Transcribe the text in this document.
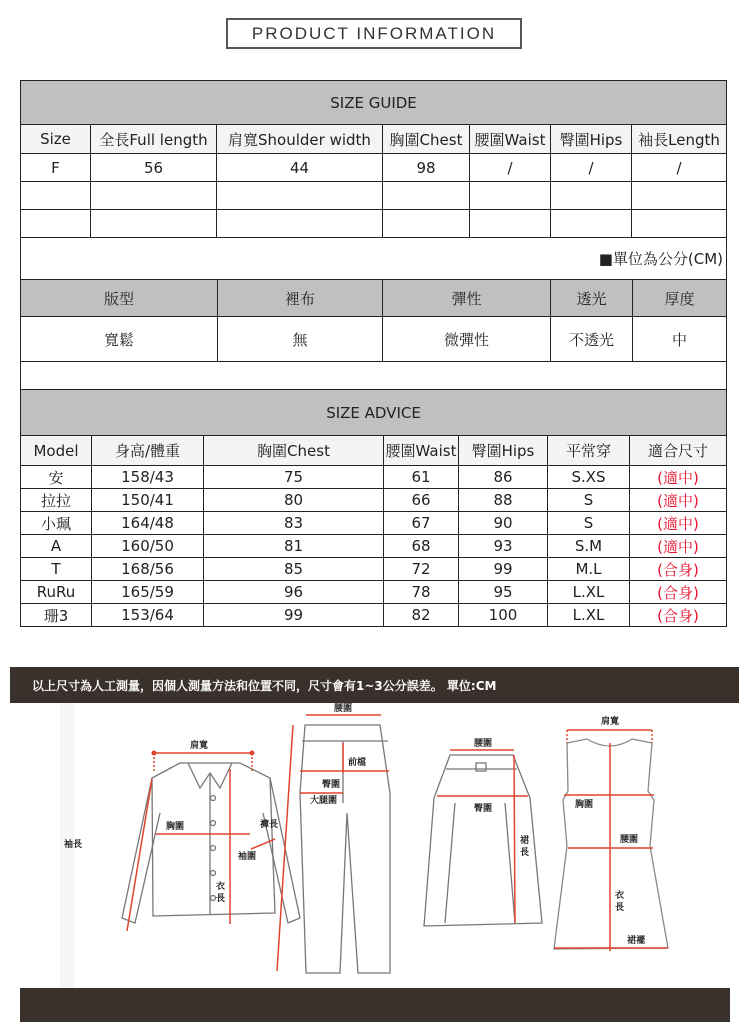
PRODUCT INFORMATION
SIZE GUIDE						
Size	全長Full length	肩寬Shoulder width	胸圍Chest	腰圍Waist	臀圍Hips	袖長Length
F	56	44	98	/	/	/

■單位為公分(CM)						
版型	裡布	彈性	透光	厚度
寬鬆	無	微彈性	不透光	中

SIZE ADVICE						
Model	身高/體重	胸圍Chest	腰圍Waist	臀圍Hips	平常穿	適合尺寸
安	158/43	75	61	86	S.XS	(適中)
拉拉	150/41	80	66	88	S	(適中)
小珮	164/48	83	67	90	S	(適中)
A	160/50	81	68	93	S.M	(適中)
T	168/56	85	72	99	M.L	(合身)
RuRu	165/59	96	78	95	L.XL	(合身)
珊3	153/64	99	82	100	L.XL	(合身)
以上尺寸為人工測量，因個人測量方法和位置不同，尺寸會有1~3公分誤差。 單位:CM
肩寬
胸圍
袖長
袖圍
衣
長
腰圍
前檔
臀圍
大腿圍
褲長
腰圍
臀圍
裙
長
肩寬
胸圍
腰圍
衣
長
裙襬
